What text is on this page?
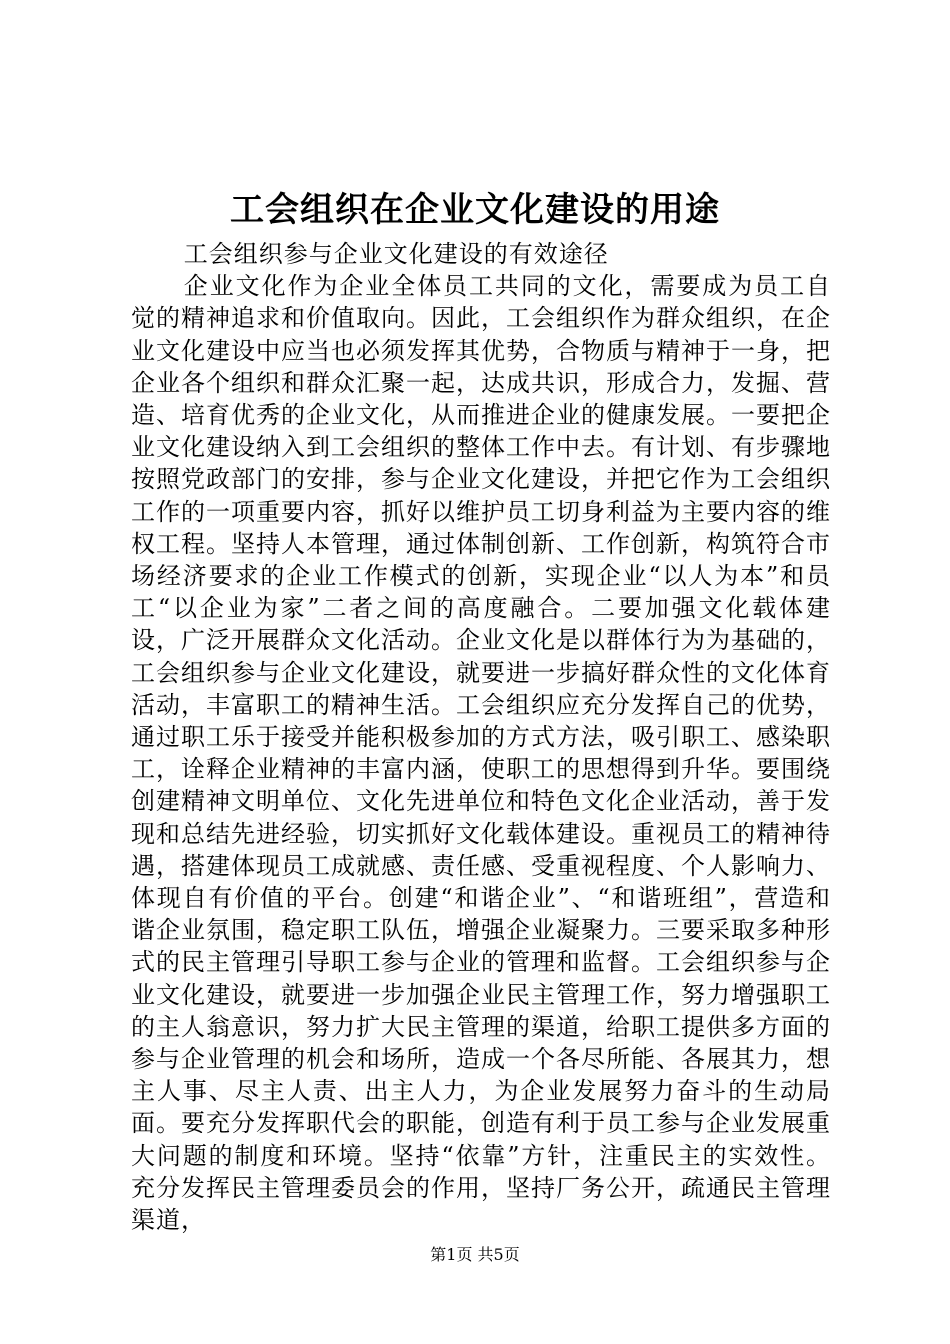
工会组织在企业文化建设的用途

工会组织参与企业文化建设的有效途径

企业文化作为企业全体员工共同的文化，需要成为员工自觉的精神追求和价值取向。因此，工会组织作为群众组织，在企业文化建设中应当也必须发挥其优势，合物质与精神于一身，把企业各个组织和群众汇聚一起，达成共识，形成合力，发掘、营造、培育优秀的企业文化，从而推进企业的健康发展。一要把企业文化建设纳入到工会组织的整体工作中去。有计划、有步骤地按照党政部门的安排，参与企业文化建设，并把它作为工会组织工作的一项重要内容，抓好以维护员工切身利益为主要内容的维权工程。坚持人本管理，通过体制创新、工作创新，构筑符合市场经济要求的企业工作模式的创新，实现企业“以人为本”和员工“以企业为家”二者之间的高度融合。二要加强文化载体建设，广泛开展群众文化活动。企业文化是以群体行为为基础的，工会组织参与企业文化建设，就要进一步搞好群众性的文化体育活动，丰富职工的精神生活。工会组织应充分发挥自己的优势，通过职工乐于接受并能积极参加的方式方法，吸引职工、感染职工，诠释企业精神的丰富内涵，使职工的思想得到升华。要围绕创建精神文明单位、文化先进单位和特色文化企业活动，善于发现和总结先进经验，切实抓好文化载体建设。重视员工的精神待遇，搭建体现员工成就感、责任感、受重视程度、个人影响力、体现自有价值的平台。创建“和谐企业”、“和谐班组”，营造和谐企业氛围，稳定职工队伍，增强企业凝聚力。三要采取多种形式的民主管理引导职工参与企业的管理和监督。工会组织参与企业文化建设，就要进一步加强企业民主管理工作，努力增强职工的主人翁意识，努力扩大民主管理的渠道，给职工提供多方面的参与企业管理的机会和场所，造成一个各尽所能、各展其力，想主人事、尽主人责、出主人力，为企业发展努力奋斗的生动局面。要充分发挥职代会的职能，创造有利于员工参与企业发展重大问题的制度和环境。坚持“依靠”方针，注重民主的实效性。充分发挥民主管理委员会的作用，坚持厂务公开，疏通民主管理渠道，

第1页 共5页
